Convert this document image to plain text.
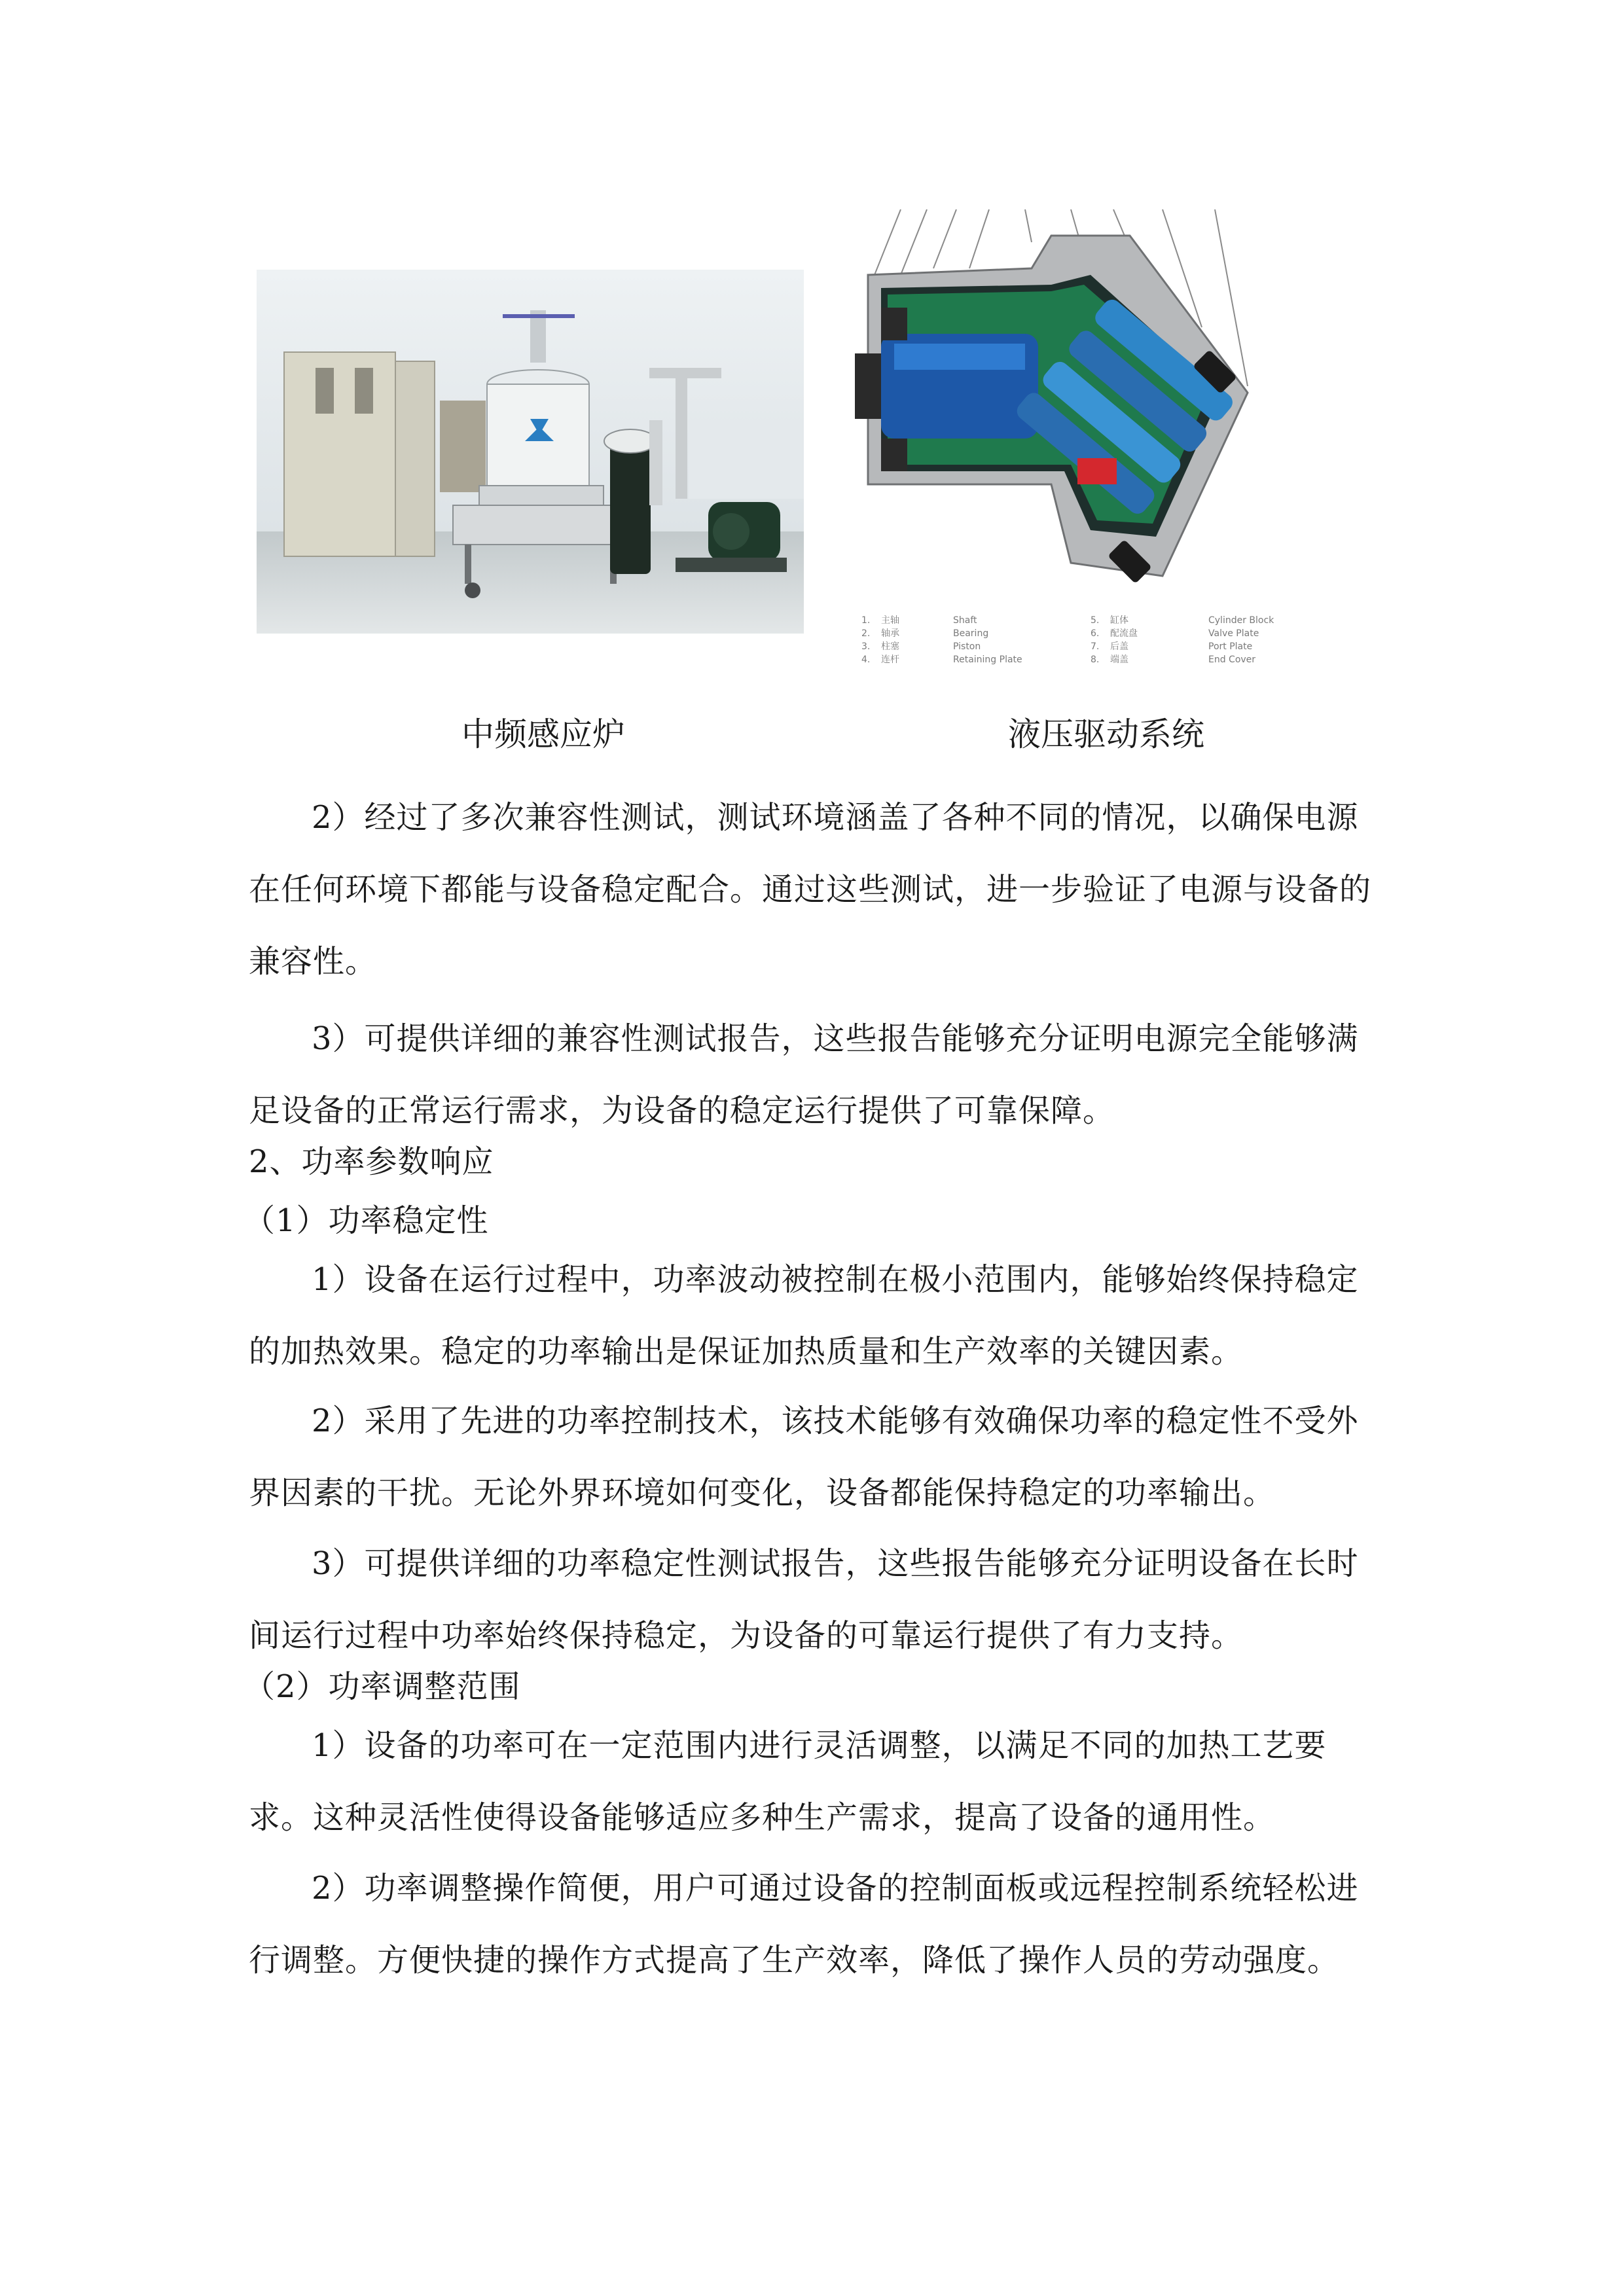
1. 主轴	Shaft
2. 轴承	Bearing
3. 柱塞	Piston
4. 连杆	Retaining Plate
5. 缸体	Cylinder Block
6. 配流盘	Valve Plate
7. 后盖	Port Plate
8. 端盖	End Cover
中频感应炉	液压驱动系统

2）经过了多次兼容性测试，测试环境涵盖了各种不同的情况，以确保电源在任何环境下都能与设备稳定配合。通过这些测试，进一步验证了电源与设备的兼容性。

3）可提供详细的兼容性测试报告，这些报告能够充分证明电源完全能够满足设备的正常运行需求，为设备的稳定运行提供了可靠保障。

2、功率参数响应
（1）功率稳定性

1）设备在运行过程中，功率波动被控制在极小范围内，能够始终保持稳定的加热效果。稳定的功率输出是保证加热质量和生产效率的关键因素。

2）采用了先进的功率控制技术，该技术能够有效确保功率的稳定性不受外界因素的干扰。无论外界环境如何变化，设备都能保持稳定的功率输出。

3）可提供详细的功率稳定性测试报告，这些报告能够充分证明设备在长时间运行过程中功率始终保持稳定，为设备的可靠运行提供了有力支持。

（2）功率调整范围

1）设备的功率可在一定范围内进行灵活调整，以满足不同的加热工艺要求。这种灵活性使得设备能够适应多种生产需求，提高了设备的通用性。

2）功率调整操作简便，用户可通过设备的控制面板或远程控制系统轻松进行调整。方便快捷的操作方式提高了生产效率，降低了操作人员的劳动强度。
